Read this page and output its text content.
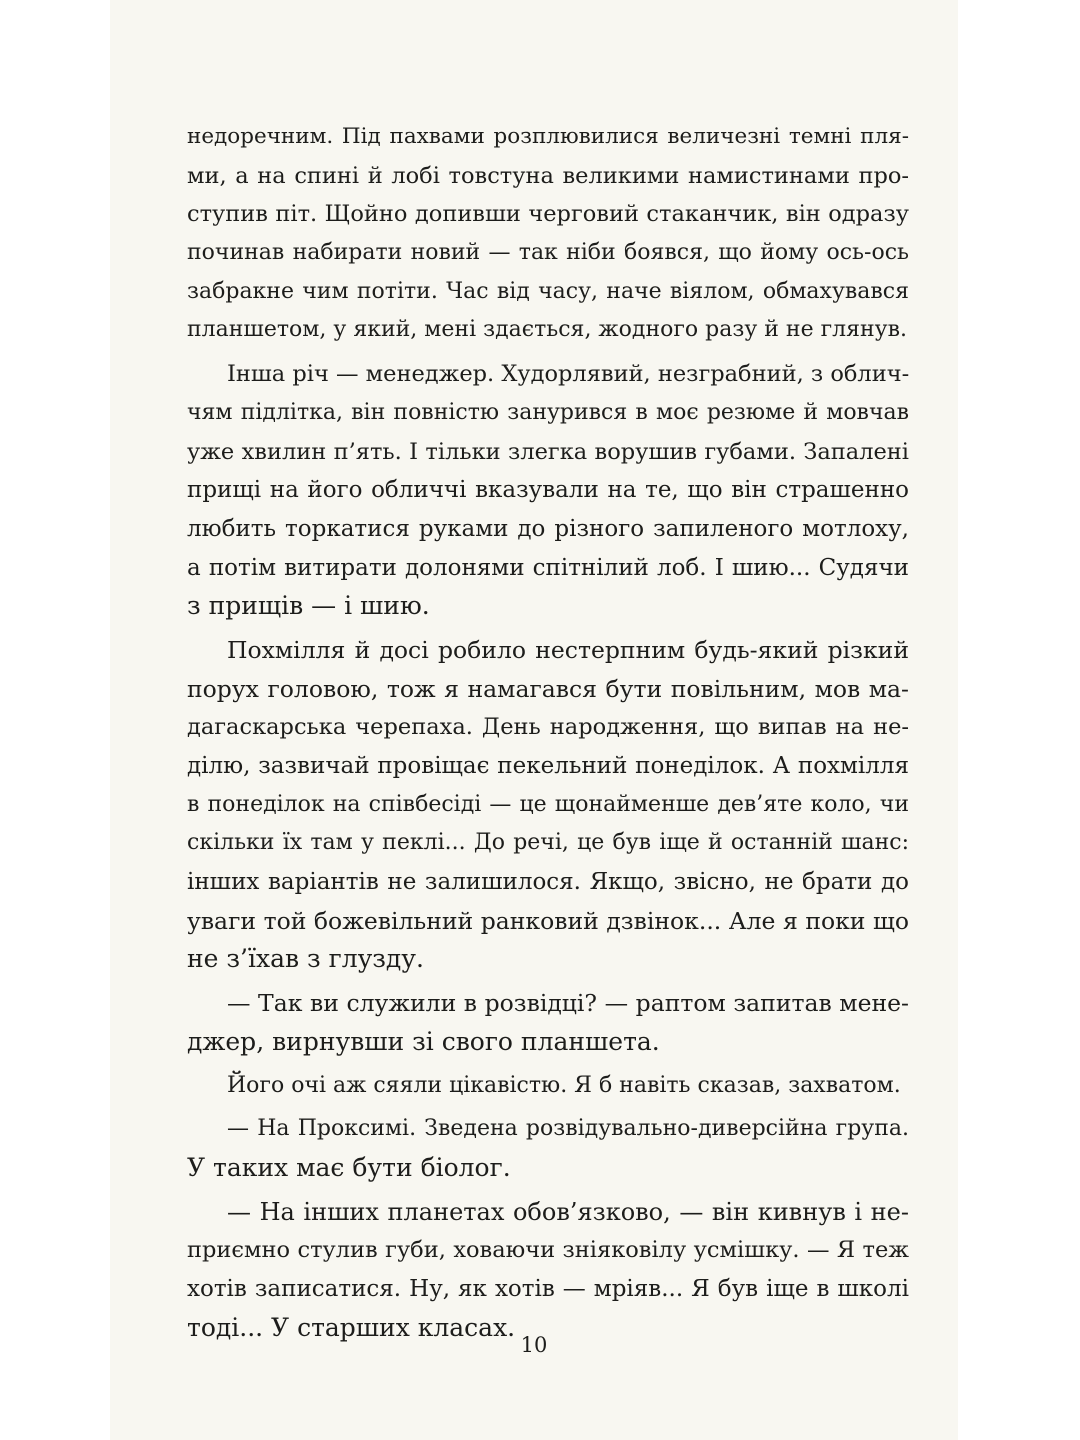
недоречним. Під пахвами розплювилися величезні темні пля-
ми, а на спині й лобі товстуна великими намистинами про-
ступив піт. Щойно допивши черговий стаканчик, він одразу
починав набирати новий — так ніби боявся, що йому ось-ось
забракне чим потіти. Час від часу, наче віялом, обмахувався
планшетом, у який, мені здається, жодного разу й не глянув.
Інша річ — менеджер. Худорлявий, незграбний, з облич-
чям підлітка, він повністю занурився в моє резюме й мовчав
уже хвилин п’ять. І тільки злегка ворушив губами. Запалені
прищі на його обличчі вказували на те, що він страшенно
любить торкатися руками до різного запиленого мотлоху,
а потім витирати долонями спітнілий лоб. І шию... Судячи
з прищів — і шию.
Похмілля й досі робило нестерпним будь-який різкий
порух головою, тож я намагався бути повільним, мов ма-
дагаскарська черепаха. День народження, що випав на не-
ділю, зазвичай провіщає пекельний понеділок. А похмілля
в понеділок на співбесіді — це щонайменше дев’яте коло, чи
скільки їх там у пеклі... До речі, це був іще й останній шанс:
інших варіантів не залишилося. Якщо, звісно, не брати до
уваги той божевільний ранковий дзвінок... Але я поки що
не з’їхав з глузду.
— Так ви служили в розвідці? — раптом запитав мене-
джер, вирнувши зі свого планшета.
Його очі аж сяяли цікавістю. Я б навіть сказав, захватом.
— На Проксимі. Зведена розвідувально-диверсійна група.
У таких має бути біолог.
— На інших планетах обов’язково, — він кивнув і не-
приємно стулив губи, ховаючи зніяковілу усмішку. — Я теж
хотів записатися. Ну, як хотів — мріяв... Я був іще в школі
тоді... У старших класах.
10
